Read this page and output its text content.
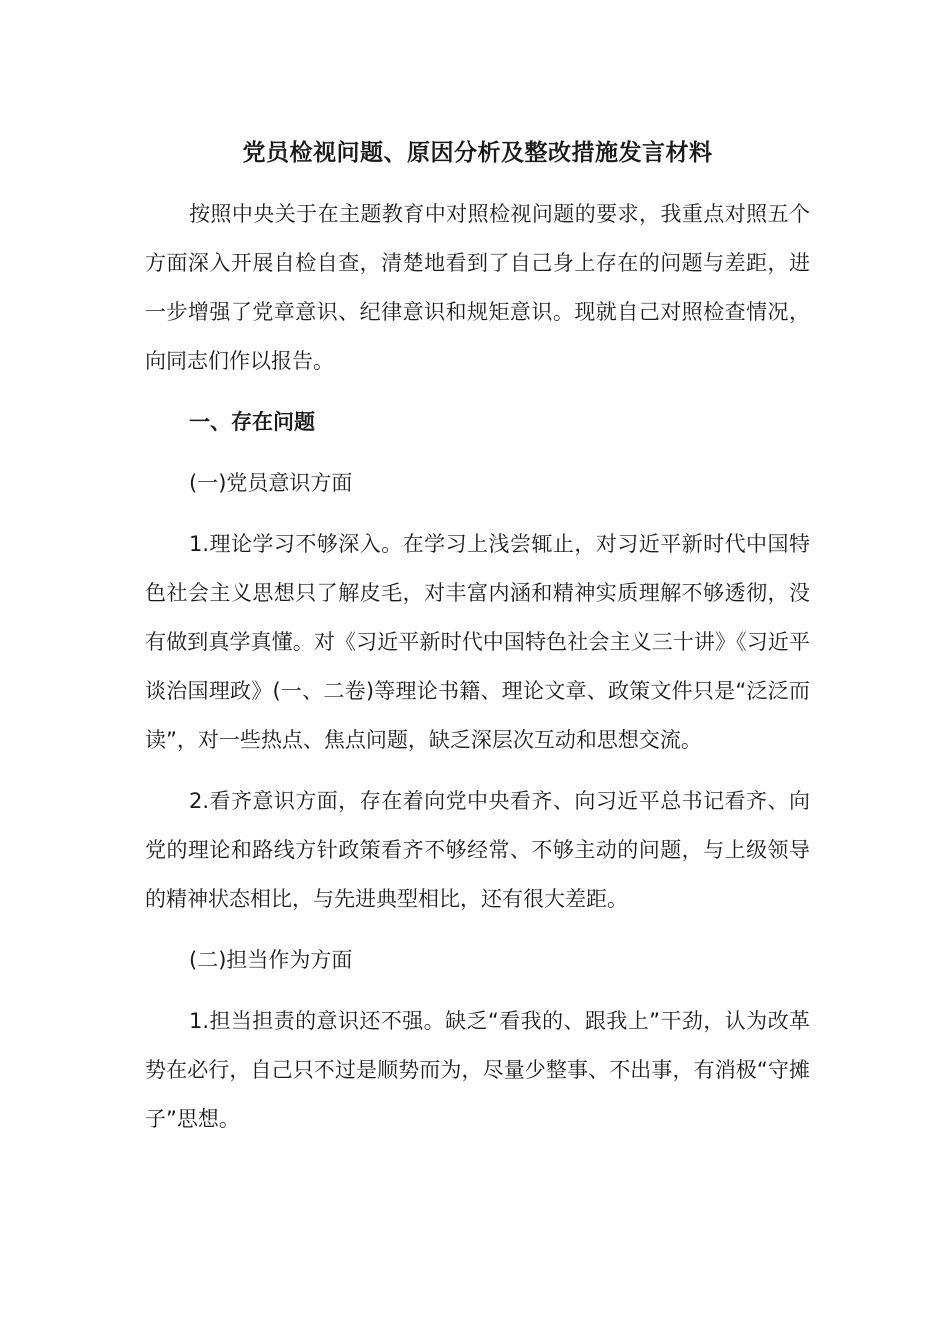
党员检视问题、原因分析及整改措施发言材料

按照中央关于在主题教育中对照检视问题的要求，我重点对照五个方面深入开展自检自查，清楚地看到了自己身上存在的问题与差距，进一步增强了党章意识、纪律意识和规矩意识。现就自己对照检查情况，向同志们作以报告。

一、存在问题

(一)党员意识方面

1.理论学习不够深入。在学习上浅尝辄止，对习近平新时代中国特色社会主义思想只了解皮毛，对丰富内涵和精神实质理解不够透彻，没有做到真学真懂。对《习近平新时代中国特色社会主义三十讲》《习近平谈治国理政》(一、二卷)等理论书籍、理论文章、政策文件只是“泛泛而读”，对一些热点、焦点问题，缺乏深层次互动和思想交流。

2.看齐意识方面，存在着向党中央看齐、向习近平总书记看齐、向党的理论和路线方针政策看齐不够经常、不够主动的问题，与上级领导的精神状态相比，与先进典型相比，还有很大差距。

(二)担当作为方面

1.担当担责的意识还不强。缺乏“看我的、跟我上”干劲，认为改革势在必行，自己只不过是顺势而为，尽量少整事、不出事，有消极“守摊子”思想。
